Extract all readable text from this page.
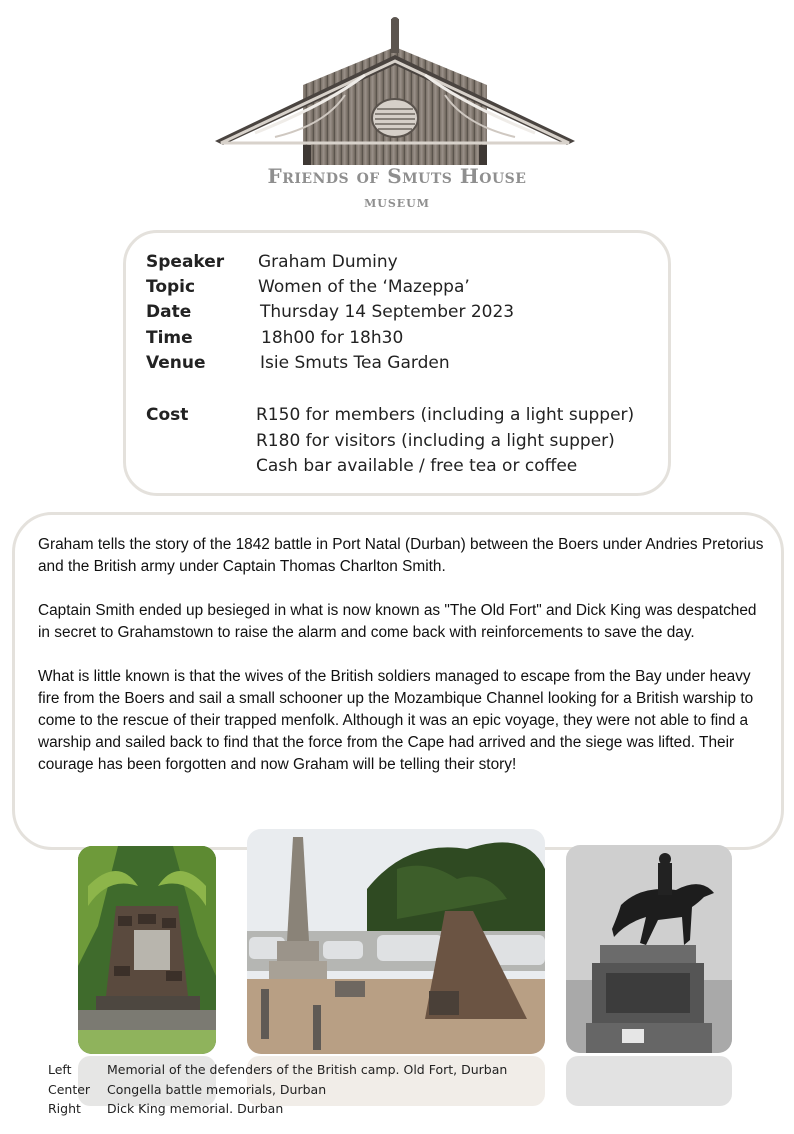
Friends of Smuts House
museum
Speaker	Graham Duminy
Topic	Women of the ‘Mazeppa’
Date	Thursday 14 September 2023
Time	18h00 for 18h30
Venue	Isie Smuts Tea Garden
Cost	R150 for members (including a light supper)
R180 for visitors (including a light supper)
Cash bar available / free tea or coffee

Graham tells the story of the 1842 battle in Port Natal (Durban) between the Boers under Andries Pretorius and the British army under Captain Thomas Charlton Smith.

Captain Smith ended up besieged in what is now known as "The Old Fort" and Dick King was despatched in secret to Grahamstown to raise the alarm and come back with reinforcements to save the day.

What is little known is that the wives of the British soldiers managed to escape from the Bay under heavy fire from the Boers and sail a small schooner up the Mozambique Channel looking for a British warship to come to the rescue of their trapped menfolk. Although it was an epic voyage, they were not able to find a warship and sailed back to find that the force from the Cape had arrived and the siege was lifted. Their courage has been forgotten and now Graham will be telling their story!

Left	Memorial of the defenders of the British camp. Old Fort, Durban
Center Congella battle memorials, Durban
Right Dick King memorial. Durban
